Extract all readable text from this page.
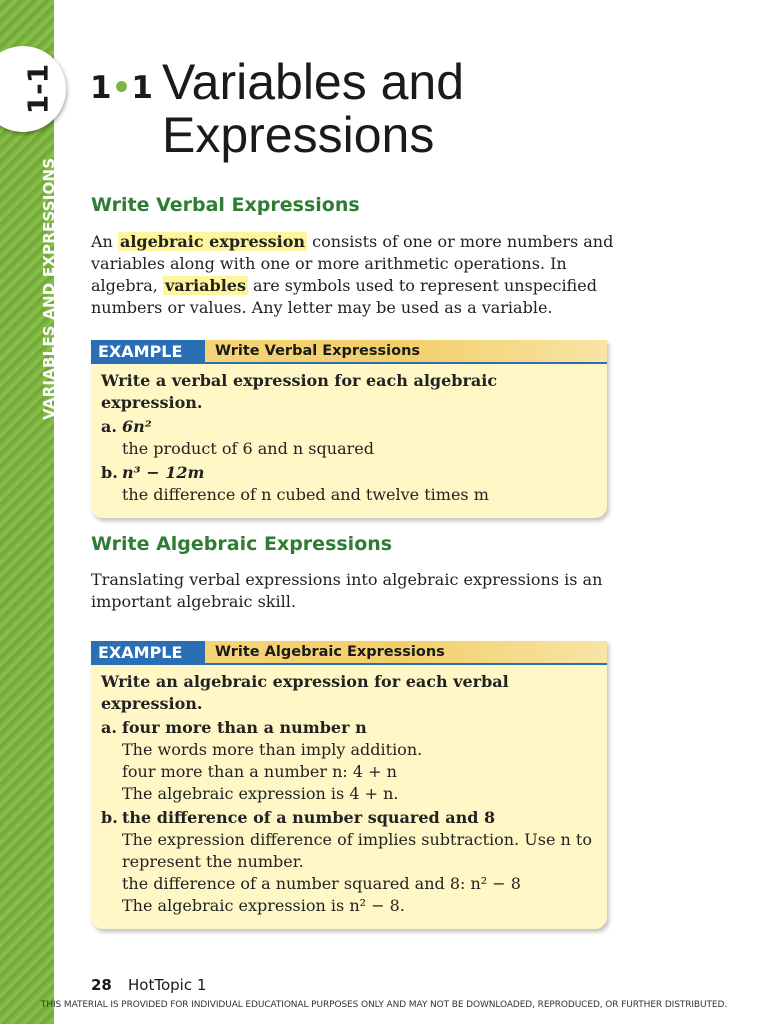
1-1
VARIABLES AND EXPRESSIONS
1•1 Variables and Expressions
Write Verbal Expressions
An algebraic expression consists of one or more numbers and variables along with one or more arithmetic operations. In algebra, variables are symbols used to represent unspecified numbers or values. Any letter may be used as a variable.
EXAMPLE	Write Verbal Expressions
Write a verbal expression for each algebraic expression.
a. 6n²
the product of 6 and n squared
b. n³ − 12m
the difference of n cubed and twelve times m
Write Algebraic Expressions
Translating verbal expressions into algebraic expressions is an important algebraic skill.
EXAMPLE	Write Algebraic Expressions
Write an algebraic expression for each verbal expression.
a. four more than a number n
The words more than imply addition.
four more than a number n: 4 + n
The algebraic expression is 4 + n.
b. the difference of a number squared and 8
The expression difference of implies subtraction. Use n to represent the number.
the difference of a number squared and 8: n² − 8
The algebraic expression is n² − 8.
28 HotTopic 1
THIS MATERIAL IS PROVIDED FOR INDIVIDUAL EDUCATIONAL PURPOSES ONLY AND MAY NOT BE DOWNLOADED, REPRODUCED, OR FURTHER DISTRIBUTED.
